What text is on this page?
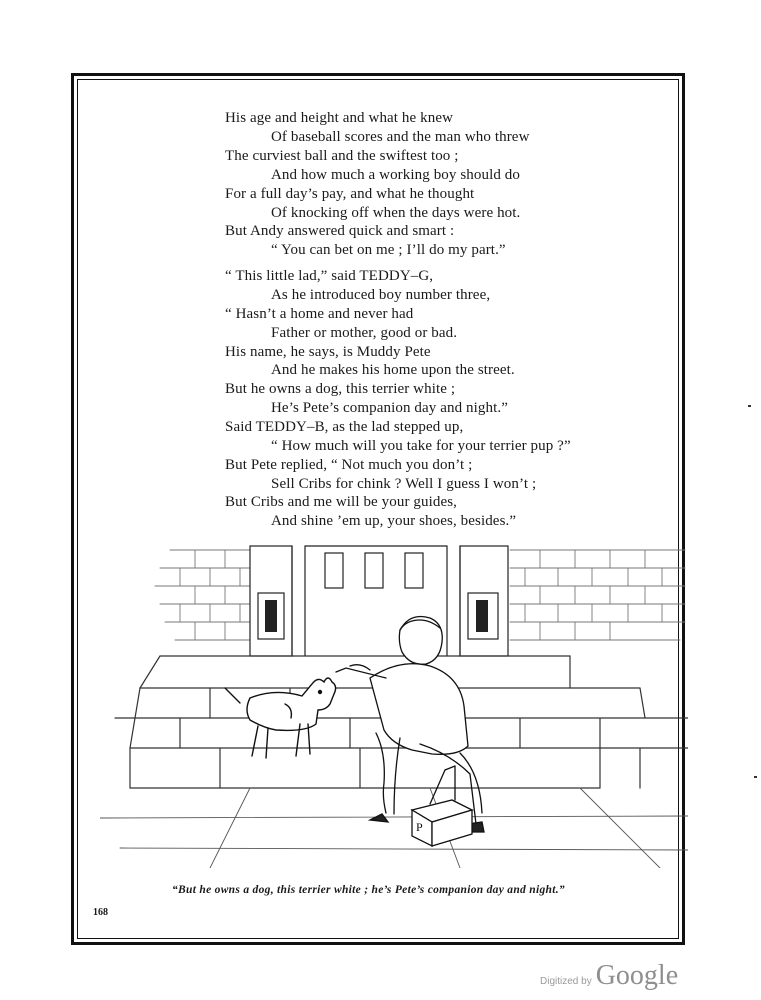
His age and height and what he knew
Of baseball scores and the man who threw
The curviest ball and the swiftest too ;
And how much a working boy should do
For a full day’s pay, and what he thought
Of knocking off when the days were hot.
But Andy answered quick and smart :
“ You can bet on me ; I’ll do my part.”
“ This little lad,” said TEDDY–G,
As he introduced boy number three,
“ Hasn’t a home and never had
Father or mother, good or bad.
His name, he says, is Muddy Pete
And he makes his home upon the street.
But he owns a dog, this terrier white ;
He’s Pete’s companion day and night.”
Said TEDDY–B, as the lad stepped up,
“ How much will you take for your terrier pup ?”
But Pete replied, “ Not much you don’t ;
Sell Cribs for chink ? Well I guess I won’t ;
But Cribs and me will be your guides,
And shine ’em up, your shoes, besides.”
P
“But he owns a dog, this terrier white ; he’s Pete’s companion day and night.”
168
Digitized by Google
